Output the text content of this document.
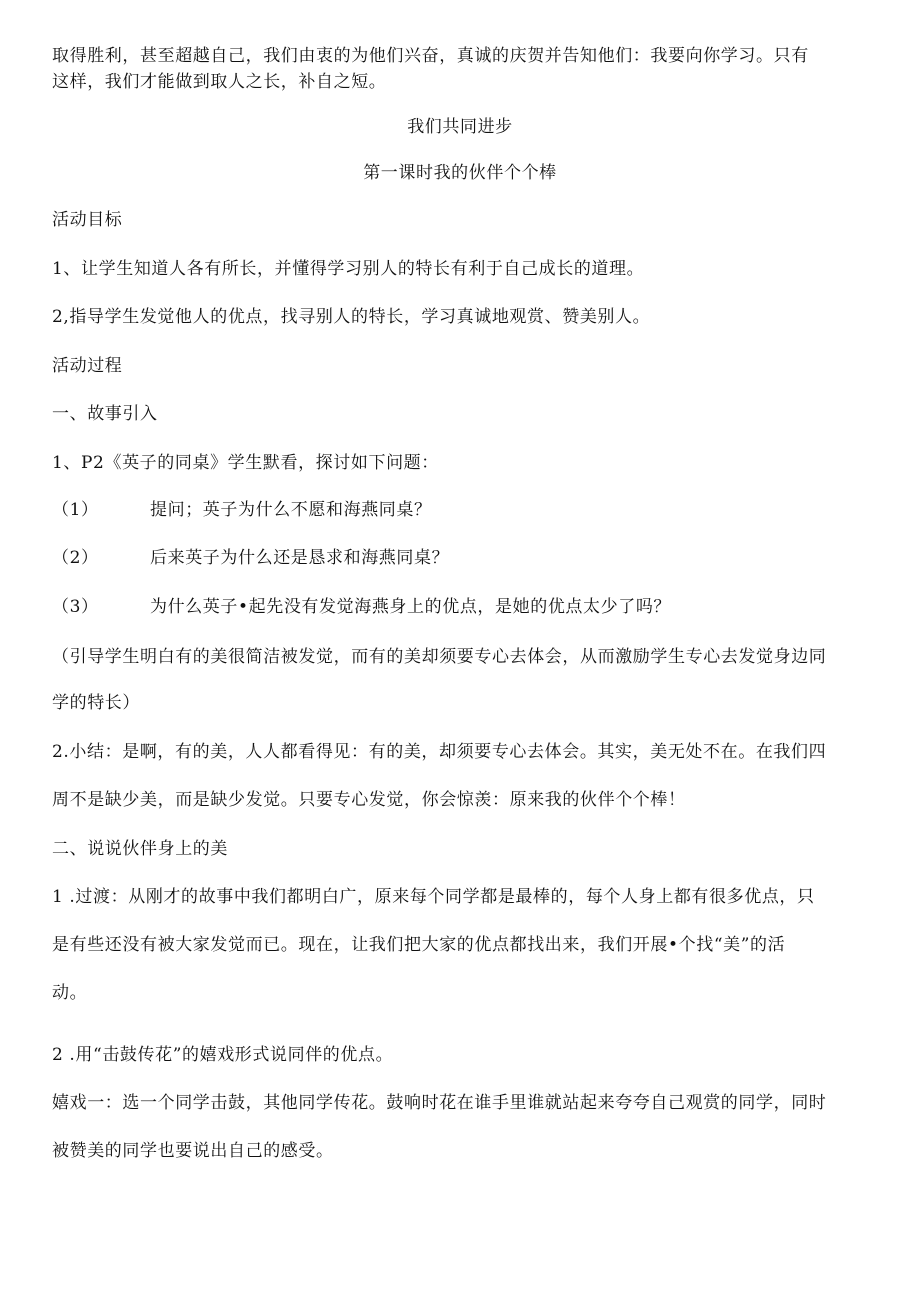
取得胜利，甚至超越自己，我们由衷的为他们兴奋，真诚的庆贺并告知他们：我要向你学习。只有
这样，我们才能做到取人之长，补自之短。
我们共同进步
第一课时我的伙伴个个棒
活动目标
1、让学生知道人各有所长，并懂得学习别人的特长有利于自己成长的道理。
2,指导学生发觉他人的优点，找寻别人的特长，学习真诚地观赏、赞美别人。
活动过程
一、故事引入
1、P2《英子的同桌》学生默看，探讨如下问题：
（1）	提问；英子为什么不愿和海燕同桌？
（2）	后来英子为什么还是恳求和海燕同桌？
（3）	为什么英子•起先没有发觉海燕身上的优点，是她的优点太少了吗？
（引导学生明白有的美很简洁被发觉，而有的美却须要专心去体会，从而激励学生专心去发觉身边同
学的特长）
2.小结：是啊，有的美，人人都看得见：有的美，却须要专心去体会。其实，美无处不在。在我们四
周不是缺少美，而是缺少发觉。只要专心发觉，你会惊羡：原来我的伙伴个个棒！
二、说说伙伴身上的美
1 .过渡：从刚才的故事中我们都明白广，原来每个同学都是最棒的，每个人身上都有很多优点，只
是有些还没有被大家发觉而已。现在，让我们把大家的优点都找出来，我们开展•个找“美”的活
动。
2 .用“击鼓传花”的嬉戏形式说同伴的优点。
嬉戏一：选一个同学击鼓，其他同学传花。鼓响时花在谁手里谁就站起来夸夸自己观赏的同学，同时
被赞美的同学也要说出自己的感受。
